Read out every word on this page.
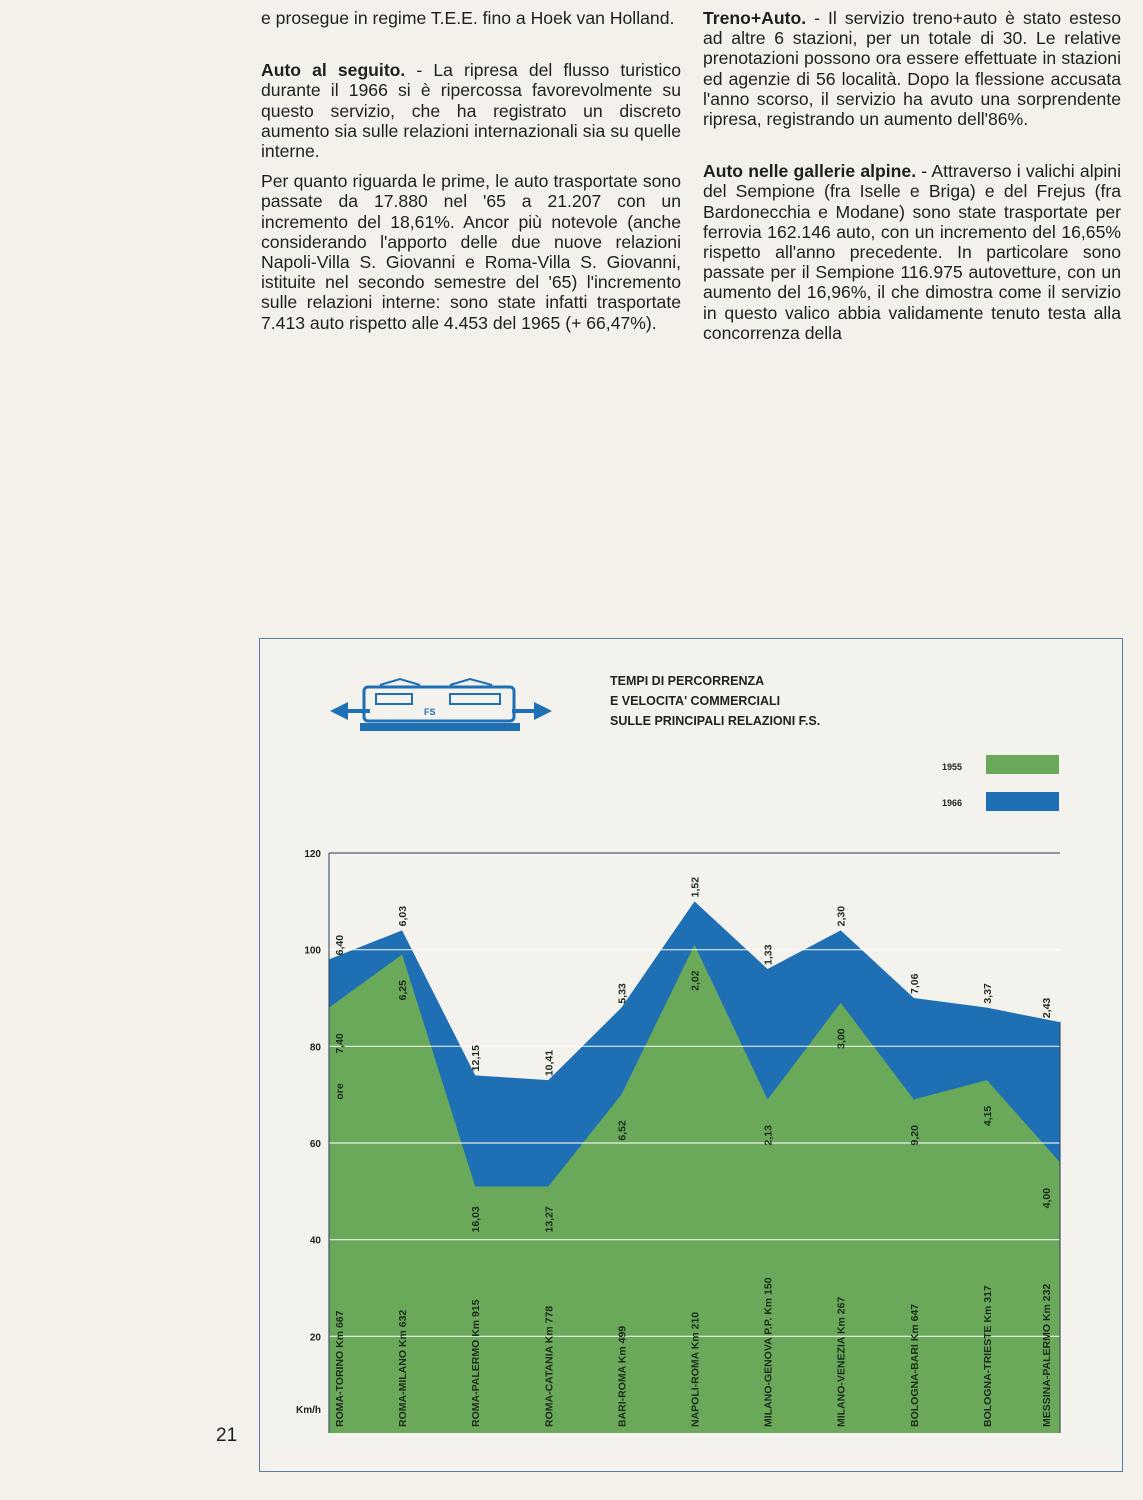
e prosegue in regime T.E.E. fino a Hoek van Holland.

Auto al seguito. - La ripresa del flusso turistico durante il 1966 si è ripercossa favorevolmente su questo servizio, che ha registrato un discreto aumento sia sulle relazioni internazionali sia su quelle interne.

Per quanto riguarda le prime, le auto trasportate sono passate da 17.880 nel '65 a 21.207 con un incremento del 18,61%. Ancor più notevole (anche considerando l'apporto delle due nuove relazioni Napoli-Villa S. Giovanni e Roma-Villa S. Giovanni, istituite nel secondo semestre del '65) l'incremento sulle relazioni interne: sono state infatti trasportate 7.413 auto rispetto alle 4.453 del 1965 (+ 66,47%).

Treno+Auto. - Il servizio treno+auto è stato esteso ad altre 6 stazioni, per un totale di 30. Le relative prenotazioni possono ora essere effettuate in stazioni ed agenzie di 56 località. Dopo la flessione accusata l'anno scorso, il servizio ha avuto una sorprendente ripresa, registrando un aumento dell'86%.

Auto nelle gallerie alpine. - Attraverso i valichi alpini del Sempione (fra Iselle e Briga) e del Frejus (fra Bardonecchia e Modane) sono state trasportate per ferrovia 162.146 auto, con un incremento del 16,65% rispetto all'anno precedente. In particolare sono passate per il Sempione 116.975 autovetture, con un aumento del 16,96%, il che dimostra come il servizio in questo valico abbia validamente tenuto testa alla concorrenza della

21
FS
TEMPI DI PERCORRENZA
E VELOCITA' COMMERCIALI
SULLE PRINCIPALI RELAZIONI F.S.
1955
1966
20
40
60
80
100
120
Km/h ROMA-TORINO Km 667	ROMA-MILANO Km 632	ROMA-PALERMO Km 915	ROMA-CATANIA Km 778	BARI-ROMA Km 499	NAPOLI-ROMA Km 210	MILANO-GENOVA P.P. Km 150	MILANO-VENEZIA Km 267	BOLOGNA-BARI Km 647	BOLOGNA-TRIESTE Km 317	MESSINA-PALERMO Km 232
7,40
6,25
16,03	13,27
6,52
2,02
2,13
3,00
9,20
4,15
4,00
6,40
6,03
12,15	10,41
5,33
1,52
1,33
2,30
7,06	3,37
2,43
ore
